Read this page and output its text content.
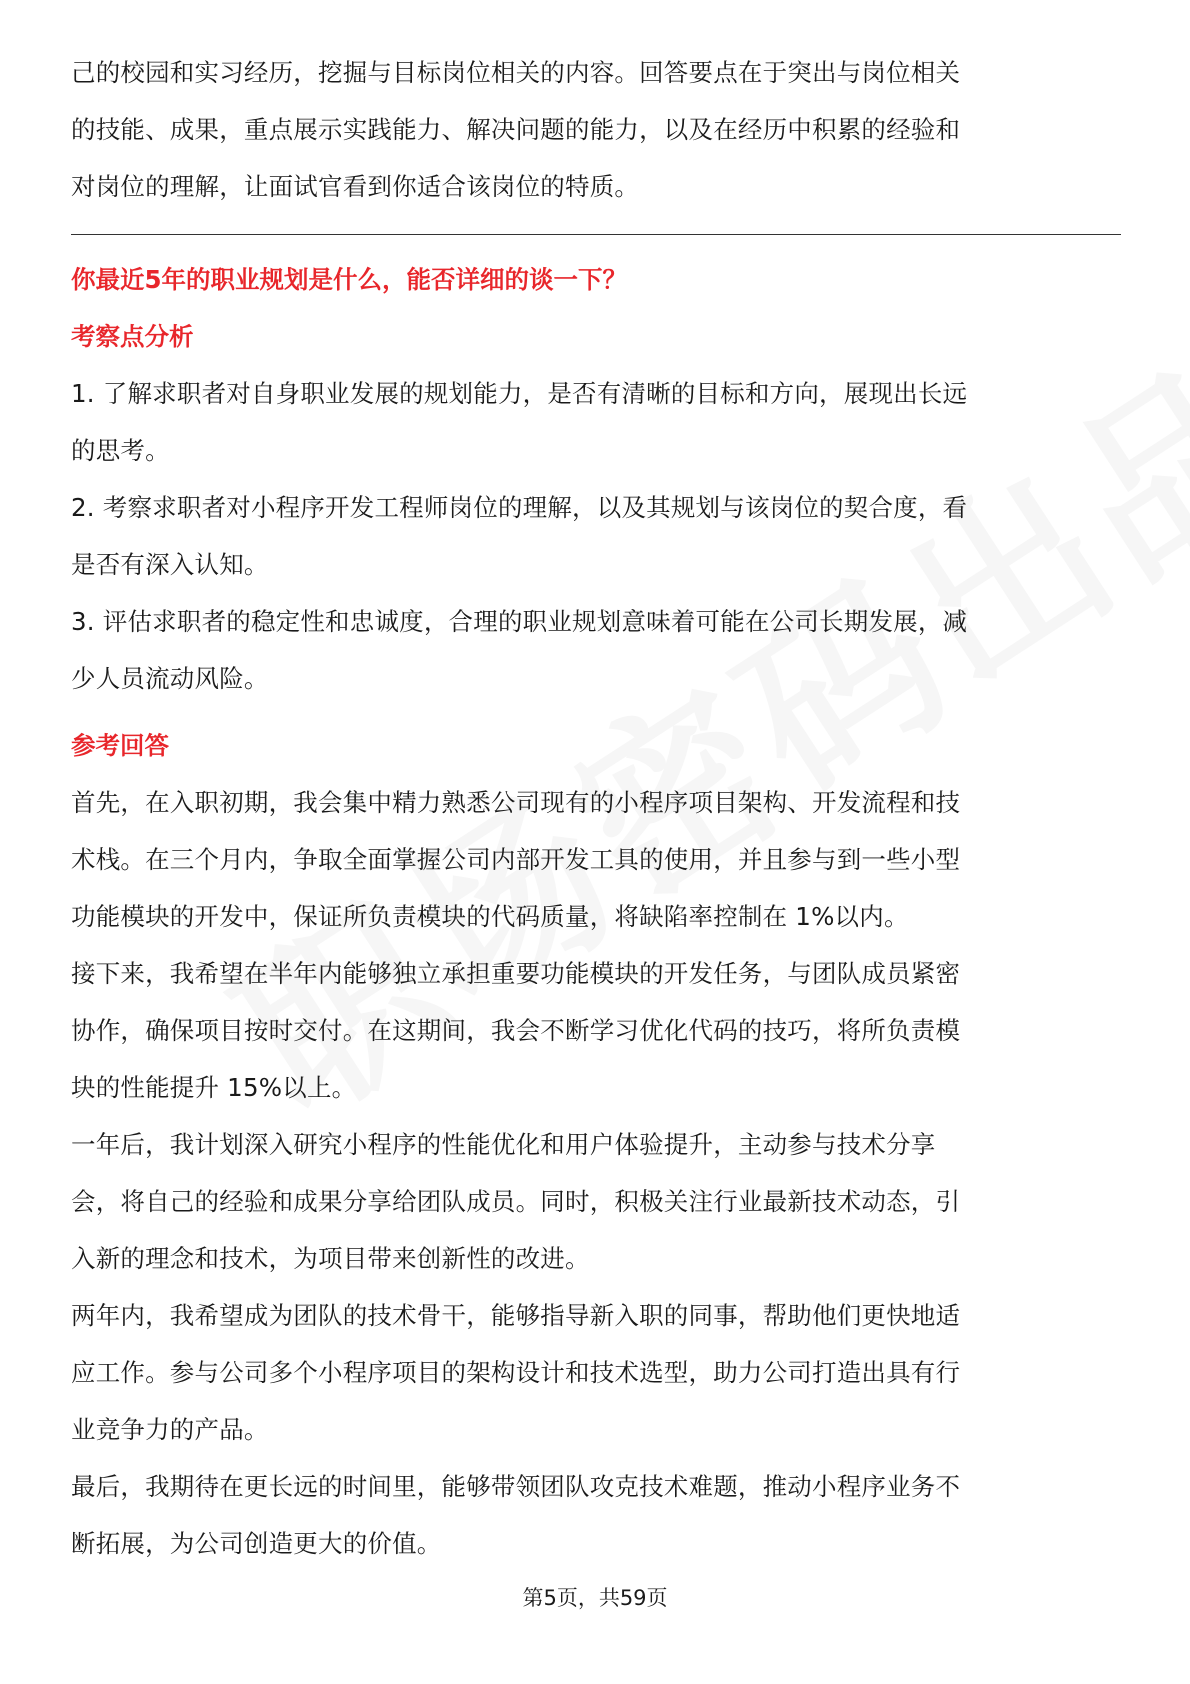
己的校园和实习经历，挖掘与目标岗位相关的内容。回答要点在于突出与岗位相关

的技能、成果，重点展示实践能力、解决问题的能力，以及在经历中积累的经验和

对岗位的理解，让面试官看到你适合该岗位的特质。

你最近5年的职业规划是什么，能否详细的谈一下？

考察点分析

1. 了解求职者对自身职业发展的规划能力，是否有清晰的目标和方向，展现出长远

的思考。

2. 考察求职者对小程序开发工程师岗位的理解，以及其规划与该岗位的契合度，看

是否有深入认知。

3. 评估求职者的稳定性和忠诚度，合理的职业规划意味着可能在公司长期发展，减

少人员流动风险。

参考回答

首先，在入职初期，我会集中精力熟悉公司现有的小程序项目架构、开发流程和技

术栈。在三个月内，争取全面掌握公司内部开发工具的使用，并且参与到一些小型

功能模块的开发中，保证所负责模块的代码质量，将缺陷率控制在 1%以内。

接下来，我希望在半年内能够独立承担重要功能模块的开发任务，与团队成员紧密

协作，确保项目按时交付。在这期间，我会不断学习优化代码的技巧，将所负责模

块的性能提升 15%以上。

一年后，我计划深入研究小程序的性能优化和用户体验提升，主动参与技术分享

会，将自己的经验和成果分享给团队成员。同时，积极关注行业最新技术动态，引

入新的理念和技术，为项目带来创新性的改进。

两年内，我希望成为团队的技术骨干，能够指导新入职的同事，帮助他们更快地适

应工作。参与公司多个小程序项目的架构设计和技术选型，助力公司打造出具有行

业竞争力的产品。

最后，我期待在更长远的时间里，能够带领团队攻克技术难题，推动小程序业务不

断拓展，为公司创造更大的价值。

第5页，共59页
